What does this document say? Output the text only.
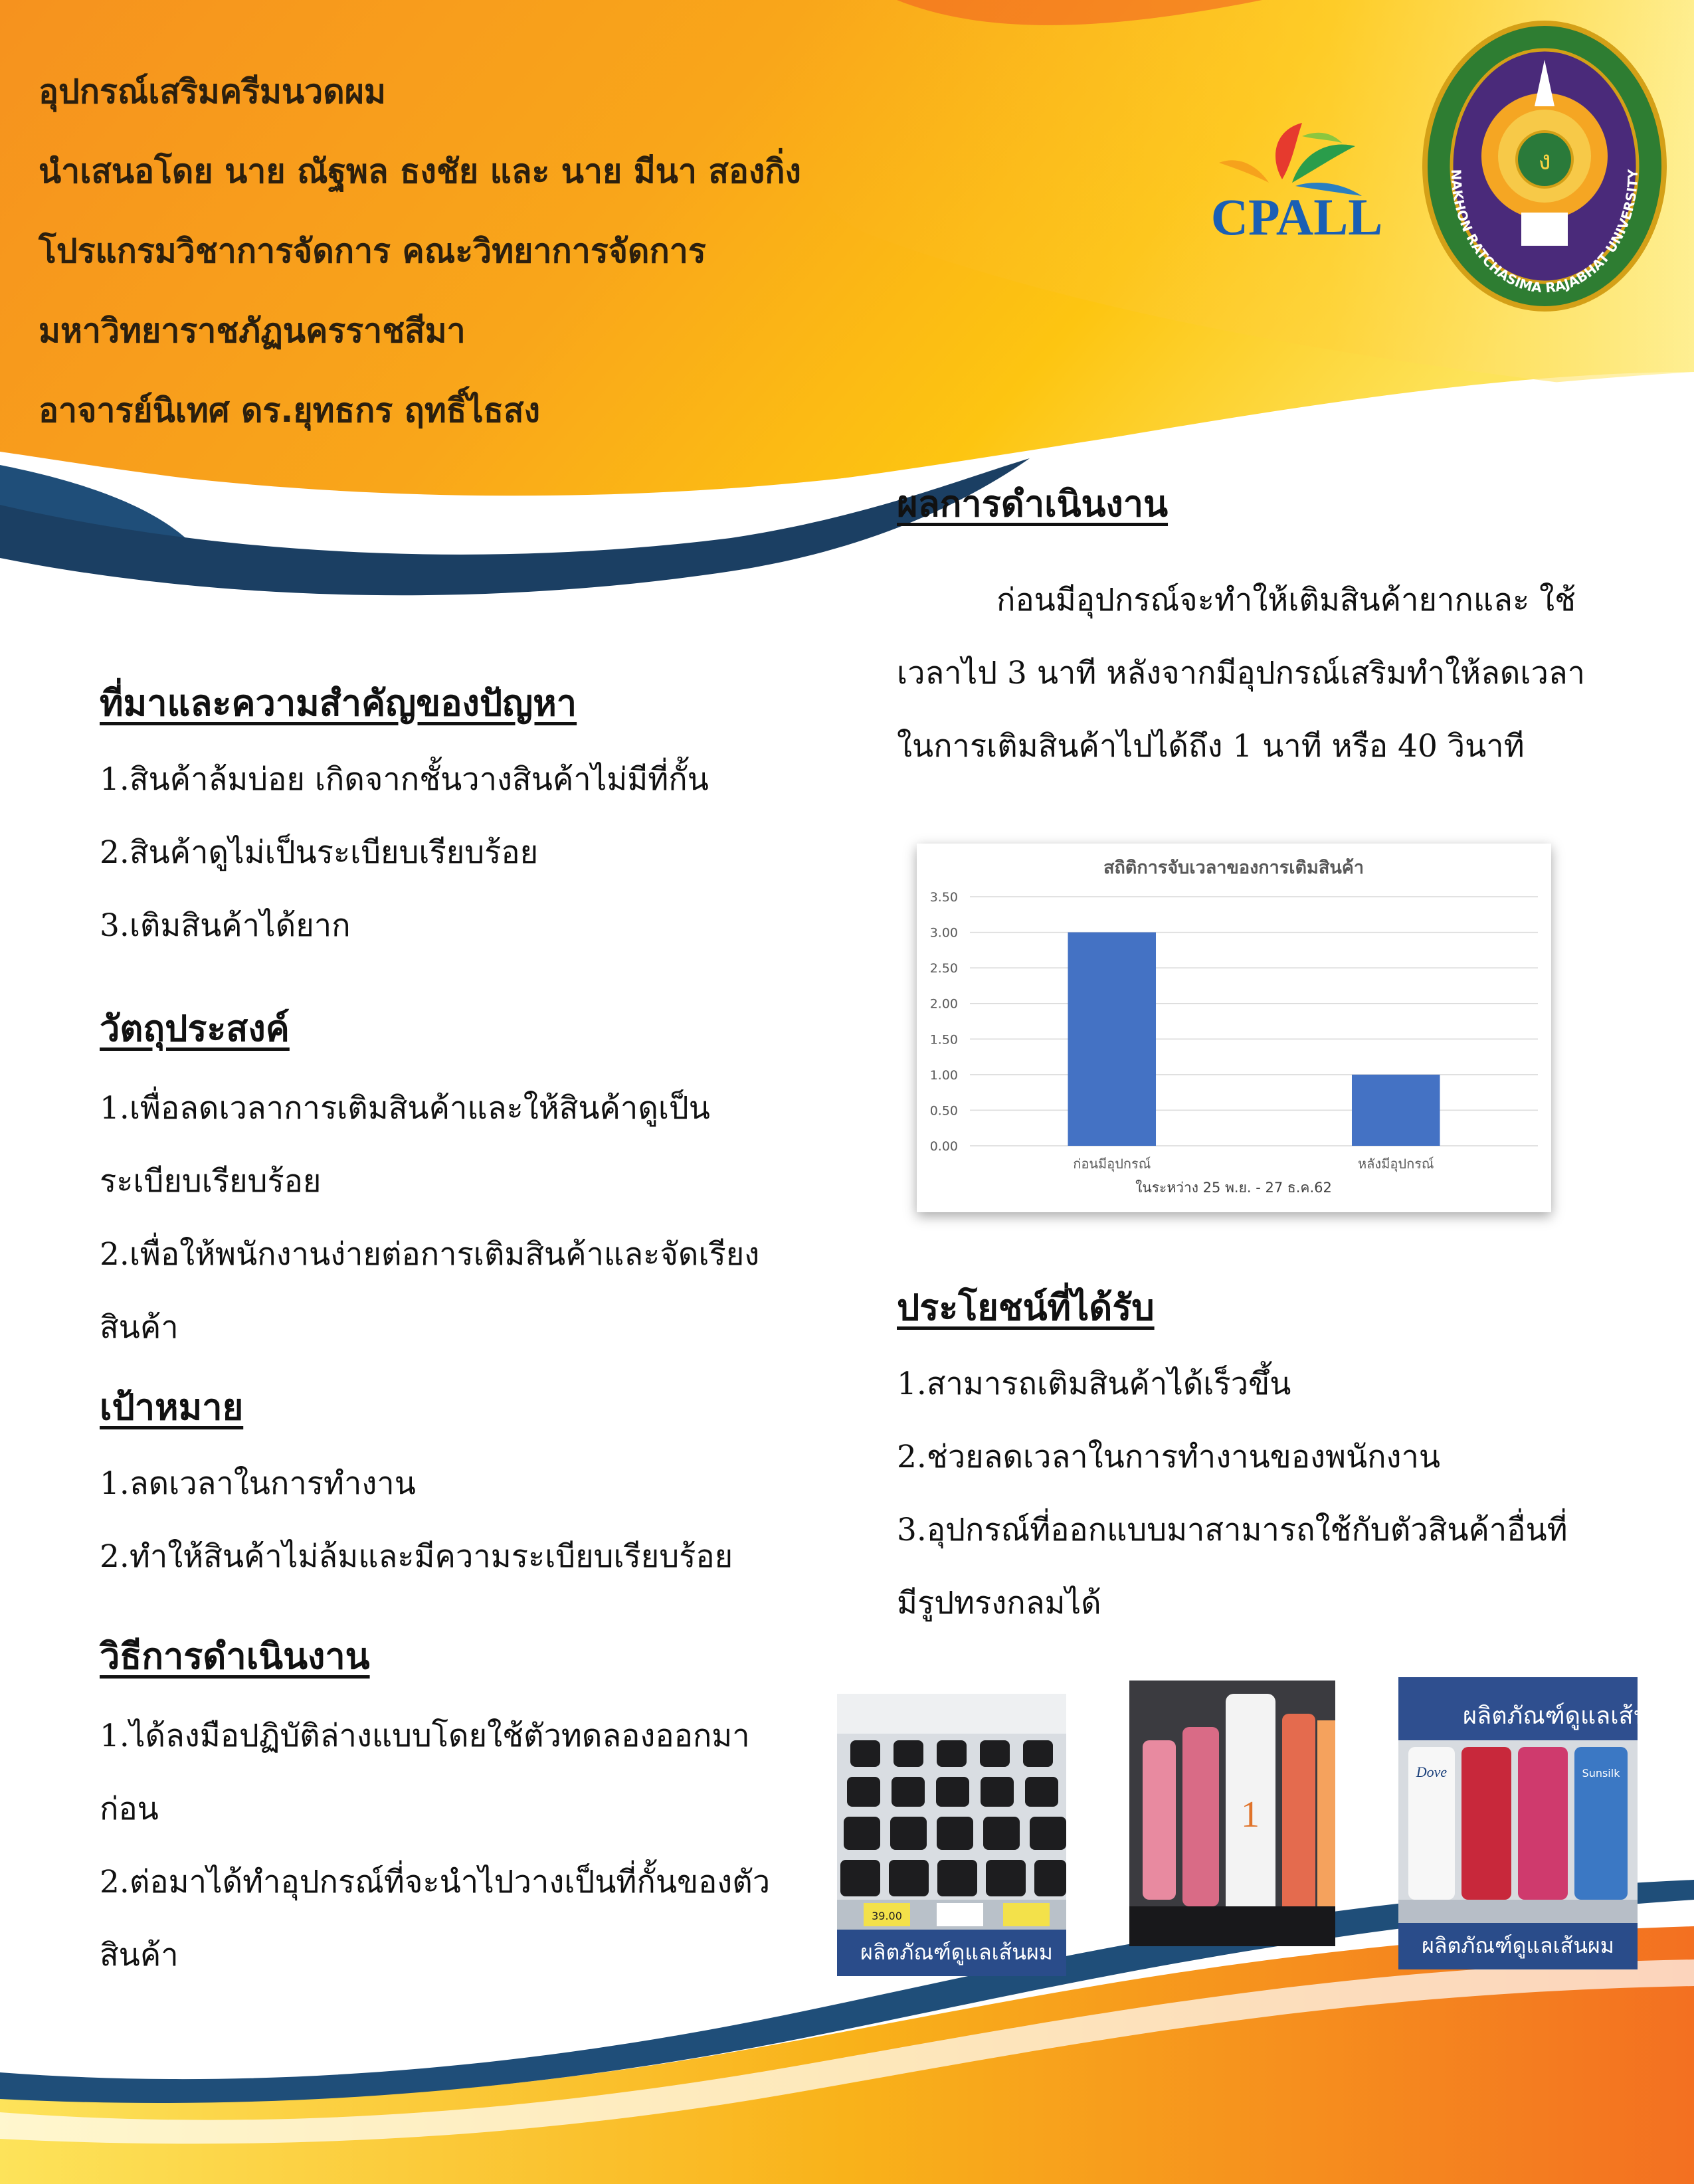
อุปกรณ์เสริมครีมนวดผม
นำเสนอโดย นาย ณัฐพล ธงชัย และ นาย มีนา สองกิ่ง
โปรแกรมวิชาการจัดการ คณะวิทยาการจัดการ
มหาวิทยาราชภัฏนครราชสีมา
อาจารย์นิเทศ ดร.ยุทธกร ฤทธิ์ไธสง
CPALL
ง
NAKHON RATCHASIMA RAJABHAT UNIVERSITY
ที่มาและความสำคัญของปัญหา
1.สินค้าล้มบ่อย เกิดจากชั้นวางสินค้าไม่มีที่กั้น
2.สินค้าดูไม่เป็นระเบียบเรียบร้อย
3.เติมสินค้าได้ยาก
วัตถุประสงค์
1.เพื่อลดเวลาการเติมสินค้าและให้สินค้าดูเป็น
ระเบียบเรียบร้อย
2.เพื่อให้พนักงานง่ายต่อการเติมสินค้าและจัดเรียง
สินค้า
เป้าหมาย
1.ลดเวลาในการทำงาน
2.ทำให้สินค้าไม่ล้มและมีความระเบียบเรียบร้อย
วิธีการดำเนินงาน
1.ได้ลงมือปฏิบัติล่างแบบโดยใช้ตัวทดลองออกมา
ก่อน
2.ต่อมาได้ทำอุปกรณ์ที่จะนำไปวางเป็นที่กั้นของตัว
สินค้า
ผลการดำเนินงาน
ก่อนมีอุปกรณ์จะทำให้เติมสินค้ายากและ ใช้
เวลาไป 3 นาที หลังจากมีอุปกรณ์เสริมทำให้ลดเวลา
ในการเติมสินค้าไปได้ถึง 1 นาที หรือ 40 วินาที
สถิติการจับเวลาของการเติมสินค้า
0.00
0.50
1.00
1.50
2.00
2.50
3.00
3.50
ก่อนมีอุปกรณ์	หลังมีอุปกรณ์
ในระหว่าง 25 พ.ย. - 27 ธ.ค.62
ประโยชน์ที่ได้รับ
1.สามารถเติมสินค้าได้เร็วขึ้น
2.ช่วยลดเวลาในการทำงานของพนักงาน
3.อุปกรณ์ที่ออกแบบมาสามารถใช้กับตัวสินค้าอื่นที่
มีรูปทรงกลมได้
39.00
ผลิตภัณฑ์ดูแลเส้นผม
1
ผลิตภัณฑ์ดูแลเส้นผม
Dove	Sunsilk
ผลิตภัณฑ์ดูแลเส้นผม
